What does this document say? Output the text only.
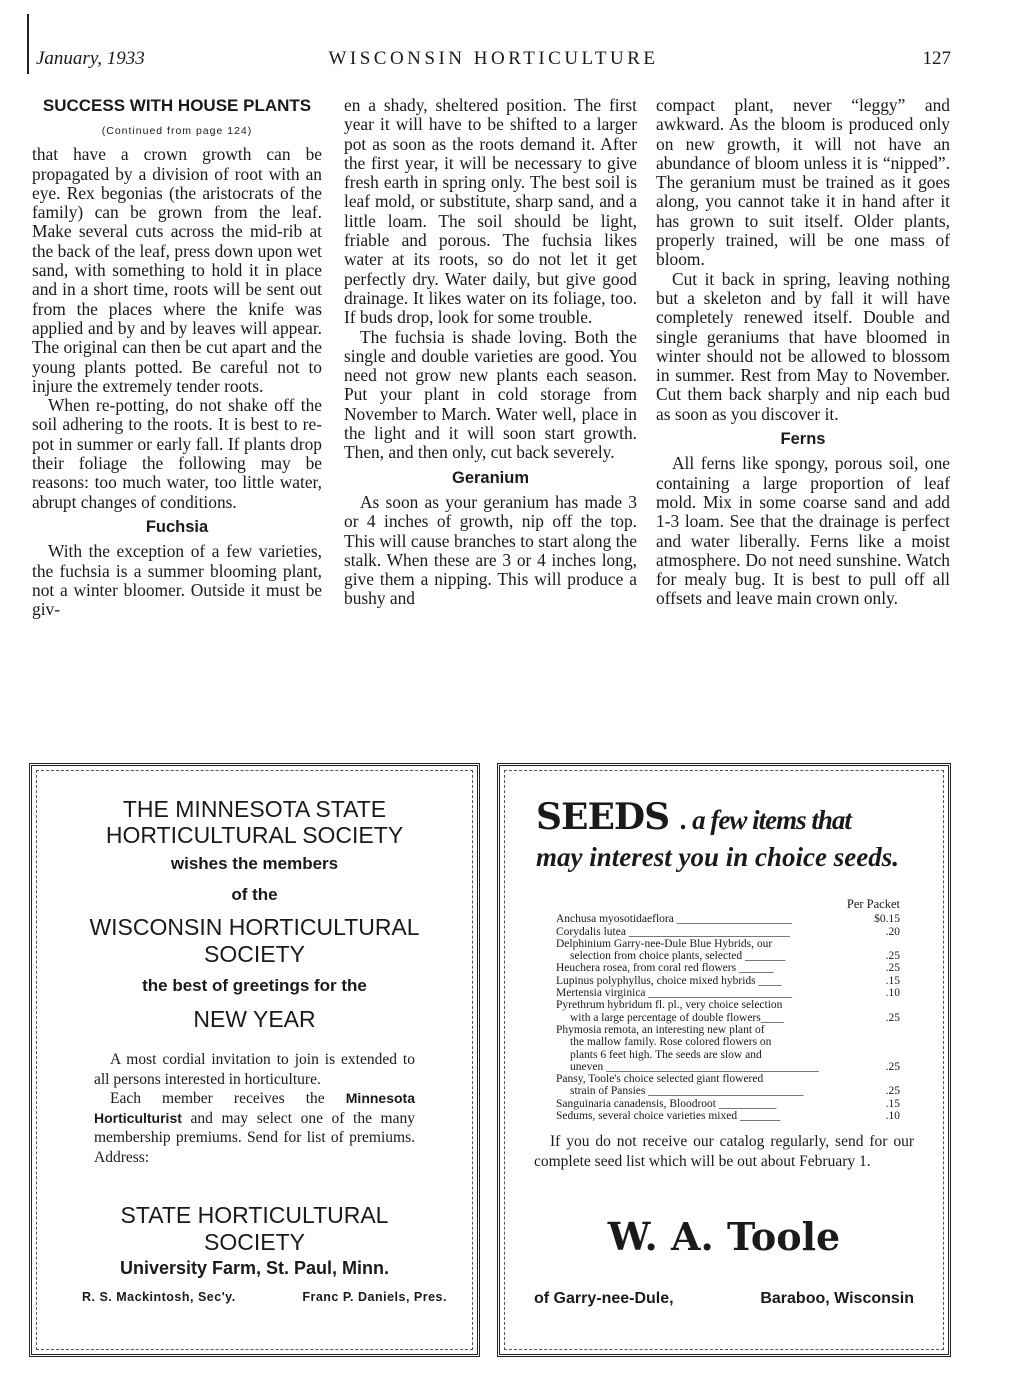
January, 1933	WISCONSIN HORTICULTURE	127
SUCCESS WITH HOUSE PLANTS
(Continued from page 124)

that have a crown growth can be propagated by a division of root with an eye. Rex begonias (the aristocrats of the family) can be grown from the leaf. Make several cuts across the mid-rib at the back of the leaf, press down upon wet sand, with something to hold it in place and in a short time, roots will be sent out from the places where the knife was applied and by and by leaves will appear. The original can then be cut apart and the young plants potted. Be careful not to injure the extremely tender roots.

When re-potting, do not shake off the soil adhering to the roots. It is best to re-pot in summer or early fall. If plants drop their foliage the following may be reasons: too much water, too little water, abrupt changes of conditions.

Fuchsia

With the exception of a few varieties, the fuchsia is a summer blooming plant, not a winter bloomer. Outside it must be giv-

en a shady, sheltered position. The first year it will have to be shifted to a larger pot as soon as the roots demand it. After the first year, it will be necessary to give fresh earth in spring only. The best soil is leaf mold, or substitute, sharp sand, and a little loam. The soil should be light, friable and porous. The fuchsia likes water at its roots, so do not let it get perfectly dry. Water daily, but give good drainage. It likes water on its foliage, too. If buds drop, look for some trouble.

The fuchsia is shade loving. Both the single and double varieties are good. You need not grow new plants each season. Put your plant in cold storage from November to March. Water well, place in the light and it will soon start growth. Then, and then only, cut back severely.

Geranium

As soon as your geranium has made 3 or 4 inches of growth, nip off the top. This will cause branches to start along the stalk. When these are 3 or 4 inches long, give them a nipping. This will produce a bushy and

compact plant, never “leggy” and awkward. As the bloom is produced only on new growth, it will not have an abundance of bloom unless it is “nipped”. The geranium must be trained as it goes along, you cannot take it in hand after it has grown to suit itself. Older plants, properly trained, will be one mass of bloom.

Cut it back in spring, leaving nothing but a skeleton and by fall it will have completely renewed itself. Double and single geraniums that have bloomed in winter should not be allowed to blossom in summer. Rest from May to November. Cut them back sharply and nip each bud as soon as you discover it.

Ferns

All ferns like spongy, porous soil, one containing a large proportion of leaf mold. Mix in some coarse sand and add 1-3 loam. See that the drainage is perfect and water liberally. Ferns like a moist atmosphere. Do not need sunshine. Watch for mealy bug. It is best to pull off all offsets and leave main crown only.

THE MINNESOTA STATE
HORTICULTURAL SOCIETY
wishes the members
of the
WISCONSIN HORTICULTURAL
SOCIETY
the best of greetings for the
NEW YEAR

A most cordial invitation to join is extended to all persons interested in horticulture.

Each member receives the Minnesota Horticulturist and may select one of the many membership premiums. Send for list of premiums. Address:

STATE HORTICULTURAL
SOCIETY
University Farm, St. Paul, Minn.
R. S. Mackintosh, Sec'y.	Franc P. Daniels, Pres.
SEEDS . a few items that
may interest you in choice seeds.
Per Packet
Anchusa myosotidaeflora ____________________	$0.15
Corydalis lutea ____________________________	.20
Delphinium Garry-nee-Dule Blue Hybrids, our
selection from choice plants, selected _______	.25
Heuchera rosea, from coral red flowers ______	.25
Lupinus polyphyllus, choice mixed hybrids ____	.15
Mertensia virginica _________________________	.10
Pyrethrum hybridum fl. pl., very choice selection
with a large percentage of double flowers____	.25
Phymosia remota, an interesting new plant of
the mallow family. Rose colored flowers on
plants 6 feet high. The seeds are slow and
uneven _____________________________________	.25
Pansy, Toole's choice selected giant flowered
strain of Pansies ___________________________	.25
Sanguinaria canadensis, Bloodroot __________	.15
Sedums, several choice varieties mixed _______	.10
If you do not receive our catalog regularly, send for our complete seed list which will be out about February 1.
W. A. Toole
of Garry-nee-Dule,	Baraboo, Wisconsin
